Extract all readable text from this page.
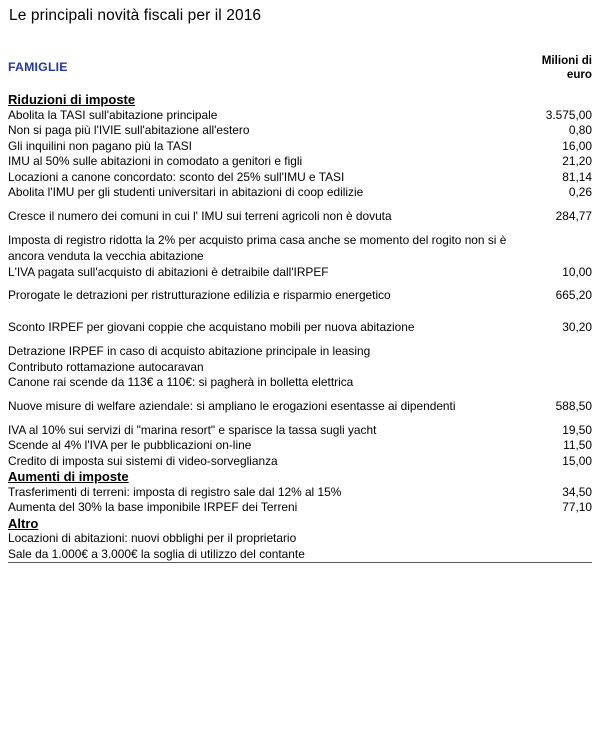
Le principali novità fiscali per il 2016
FAMIGLIE	Milioni di
euro
Riduzioni di imposte	
Abolita la TASI sull'abitazione principale	3.575,00
Non si paga più l'IVIE sull'abitazione all'estero	0,80
Gli inquilini non pagano più la TASI	16,00
IMU al 50% sulle abitazioni in comodato a genitori e figli	21,20
Locazioni a canone concordato: sconto del 25% sull'IMU e TASI	81,14
Abolita l'IMU per gli studenti universitari in abitazioni di coop edilizie	0,26
Cresce il numero dei comuni in cui l' IMU sui terreni agricoli non è dovuta	284,77
Imposta di registro ridotta la 2% per acquisto prima casa anche se momento del rogito non si è ancora venduta la vecchia abitazione	
L'IVA pagata sull'acquisto di abitazioni è detraibile dall'IRPEF	10,00
Prorogate le detrazioni per ristrutturazione edilizia e risparmio energetico	665,20
Sconto IRPEF per giovani coppie che acquistano mobili per nuova abitazione	30,20
Detrazione IRPEF in caso di acquisto abitazione principale in leasing	
Contributo rottamazione autocaravan	
Canone rai scende da 113€ a 110€: si pagherà in bolletta elettrica	
Nuove misure di welfare aziendale: si ampliano le erogazioni esentasse ai dipendenti	588,50
IVA al 10% sui servizi di "marina resort" e sparisce la tassa sugli yacht	19,50
Scende al 4% l'IVA per le pubblicazioni on-line	11,50
Credito di imposta sui sistemi di video-sorveglianza	15,00
Aumenti di imposte	
Trasferimenti di terreni: imposta di registro sale dal 12% al 15%	34,50
Aumenta del 30% la base imponibile IRPEF dei Terreni	77,10
Altro	
Locazioni di abitazioni: nuovi obblighi per il proprietario	
Sale da 1.000€ a 3.000€ la soglia di utilizzo del contante	
